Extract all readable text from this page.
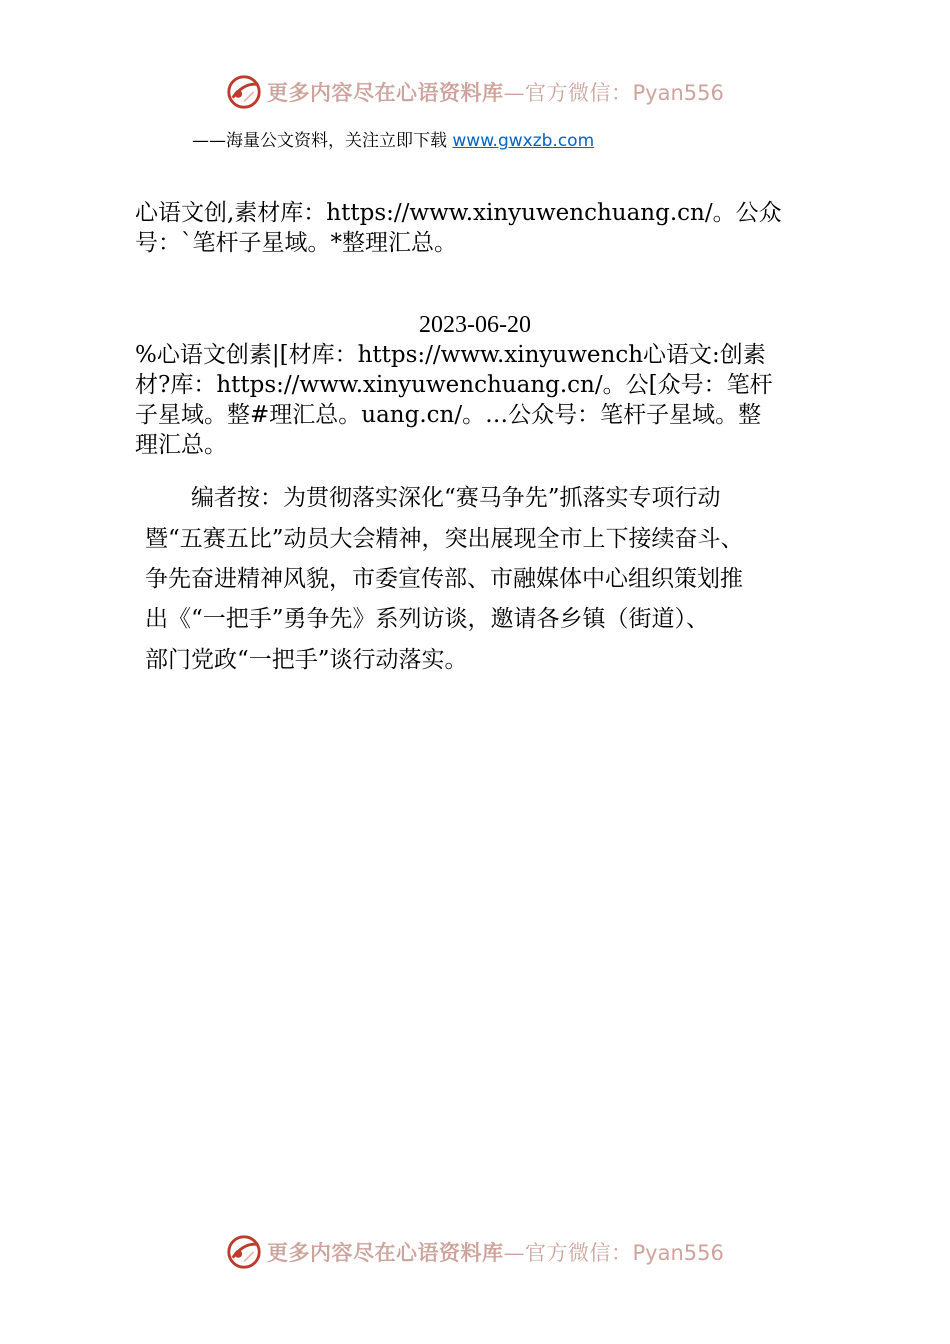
更多内容尽在心语资料库—官方微信：Pyan556
——海量公文资料，关注立即下载 www.gwxzb.com
心语文创,素材库：https://www.xinyuwenchuang.cn/。公众
号：`笔杆子星域。*整理汇总。
2023-06-20
%心语文创素|[材库：https://www.xinyuwench心语文:创素
材?库：https://www.xinyuwenchuang.cn/。公[众号：笔杆
子星域。整#理汇总。uang.cn/。…公众号：笔杆子星域。整
理汇总。
　　编者按：为贯彻落实深化“赛马争先”抓落实专项行动
暨“五赛五比”动员大会精神，突出展现全市上下接续奋斗、
争先奋进精神风貌，市委宣传部、市融媒体中心组织策划推
出《“一把手”勇争先》系列访谈，邀请各乡镇（街道）、
部门党政“一把手”谈行动落实。
更多内容尽在心语资料库—官方微信：Pyan556
